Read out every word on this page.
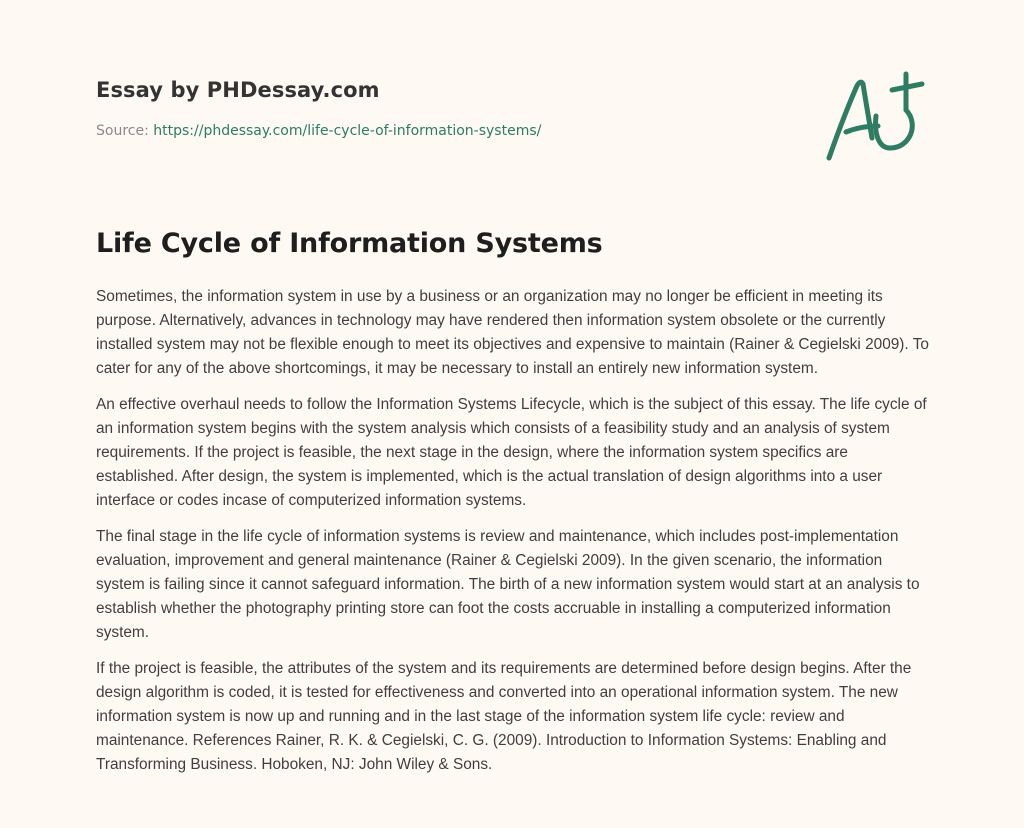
Essay by PHDessay.com
Source: https://phdessay.com/life-cycle-of-information-systems/
Life Cycle of Information Systems

Sometimes, the information system in use by a business or an organization may no longer be efficient in meeting its purpose. Alternatively, advances in technology may have rendered then information system obsolete or the currently installed system may not be flexible enough to meet its objectives and expensive to maintain (Rainer & Cegielski 2009). To cater for any of the above shortcomings, it may be necessary to install an entirely new information system.

An effective overhaul needs to follow the Information Systems Lifecycle, which is the subject of this essay. The life cycle of an information system begins with the system analysis which consists of a feasibility study and an analysis of system requirements. If the project is feasible, the next stage in the design, where the information system specifics are established. After design, the system is implemented, which is the actual translation of design algorithms into a user interface or codes incase of computerized information systems.

The final stage in the life cycle of information systems is review and maintenance, which includes post-implementation evaluation, improvement and general maintenance (Rainer & Cegielski 2009). In the given scenario, the information system is failing since it cannot safeguard information. The birth of a new information system would start at an analysis to establish whether the photography printing store can foot the costs accruable in installing a computerized information system.

If the project is feasible, the attributes of the system and its requirements are determined before design begins. After the design algorithm is coded, it is tested for effectiveness and converted into an operational information system. The new information system is now up and running and in the last stage of the information system life cycle: review and maintenance. References Rainer, R. K. & Cegielski, C. G. (2009). Introduction to Information Systems: Enabling and Transforming Business. Hoboken, NJ: John Wiley & Sons.
